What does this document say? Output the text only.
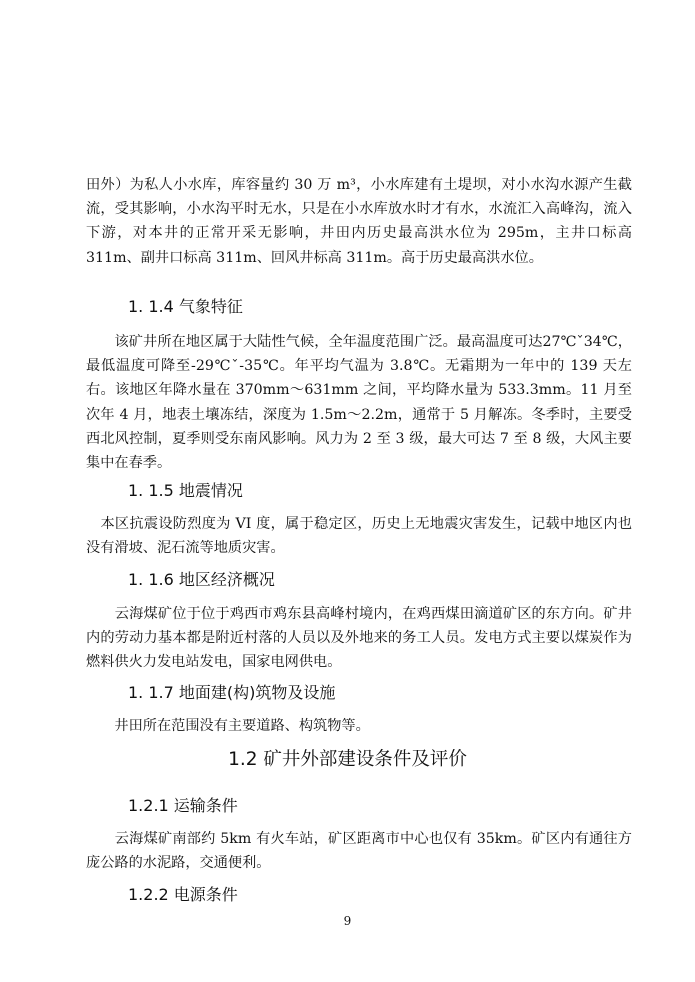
田外）为私人小水库，库容量约 30 万 m³，小水库建有土堤坝，对小水沟水源产生截流，受其影响，小水沟平时无水，只是在小水库放水时才有水，水流汇入高峰沟，流入下游，对本井的正常开采无影响，井田内历史最高洪水位为 295m，主井口标高 311m、副井口标高 311m、回风井标高 311m。高于历史最高洪水位。

1. 1.4 气象特征

　　该矿井所在地区属于大陆性气候，全年温度范围广泛。最高温度可达27℃ˇ34℃， 最低温度可降至-29℃ˇ-35℃。年平均气温为 3.8℃。无霜期为一年中的 139 天左右。该地区年降水量在 370mm～631mm 之间，平均降水量为 533.3mm。11 月至次年 4 月，地表土壤冻结，深度为 1.5m～2.2m，通常于 5 月解冻。冬季时，主要受西北风控制，夏季则受东南风影响。风力为 2 至 3 级，最大可达 7 至 8 级，大风主要集中在春季。

1. 1.5 地震情况

　本区抗震设防烈度为 VI 度，属于稳定区，历史上无地震灾害发生，记载中地区内也没有滑坡、泥石流等地质灾害。

1. 1.6 地区经济概况

　　云海煤矿位于位于鸡西市鸡东县高峰村境内，在鸡西煤田滴道矿区的东方向。矿井内的劳动力基本都是附近村落的人员以及外地来的务工人员。发电方式主要以煤炭作为燃料供火力发电站发电，国家电网供电。

1. 1.7 地面建(构)筑物及设施

　　井田所在范围没有主要道路、构筑物等。

1.2 矿井外部建设条件及评价
1.2.1 运输条件

　　云海煤矿南部约 5km 有火车站，矿区距离市中心也仅有 35km。矿区内有通往方庞公路的水泥路，交通便利。

1.2.2 电源条件
9
